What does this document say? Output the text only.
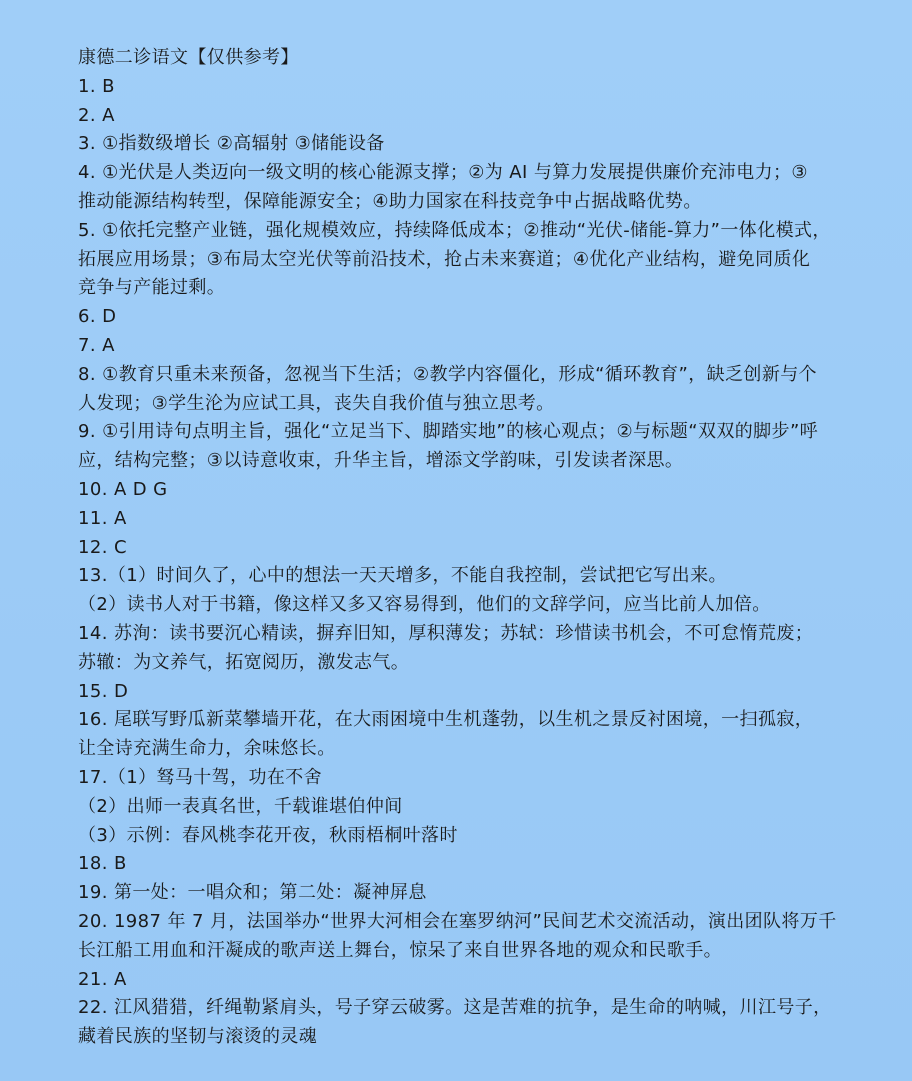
康德二诊语文【仅供参考】
1. B
2. A
3. ①指数级增长 ②高辐射 ③储能设备
4. ①光伏是人类迈向一级文明的核心能源支撑；②为 AI 与算力发展提供廉价充沛电力；③
推动能源结构转型，保障能源安全；④助力国家在科技竞争中占据战略优势。
5. ①依托完整产业链，强化规模效应，持续降低成本；②推动“光伏-储能-算力”一体化模式，
拓展应用场景；③布局太空光伏等前沿技术，抢占未来赛道；④优化产业结构，避免同质化
竞争与产能过剩。
6. D
7. A
8. ①教育只重未来预备，忽视当下生活；②教学内容僵化，形成“循环教育”，缺乏创新与个
人发现；③学生沦为应试工具，丧失自我价值与独立思考。
9. ①引用诗句点明主旨，强化“立足当下、脚踏实地”的核心观点；②与标题“双双的脚步”呼
应，结构完整；③以诗意收束，升华主旨，增添文学韵味，引发读者深思。
10. A D G
11. A
12. C
13.（1）时间久了，心中的想法一天天增多，不能自我控制，尝试把它写出来。
（2）读书人对于书籍，像这样又多又容易得到，他们的文辞学问，应当比前人加倍。
14. 苏洵：读书要沉心精读，摒弃旧知，厚积薄发；苏轼：珍惜读书机会，不可怠惰荒废；
苏辙：为文养气，拓宽阅历，激发志气。
15. D
16. 尾联写野瓜新菜攀墙开花，在大雨困境中生机蓬勃，以生机之景反衬困境，一扫孤寂，
让全诗充满生命力，余味悠长。
17.（1）驽马十驾，功在不舍
（2）出师一表真名世，千载谁堪伯仲间
（3）示例：春风桃李花开夜，秋雨梧桐叶落时
18. B
19. 第一处：一唱众和；第二处：凝神屏息
20. 1987 年 7 月，法国举办“世界大河相会在塞罗纳河”民间艺术交流活动，演出团队将万千
长江船工用血和汗凝成的歌声送上舞台，惊呆了来自世界各地的观众和民歌手。
21. A
22. 江风猎猎，纤绳勒紧肩头，号子穿云破雾。这是苦难的抗争，是生命的呐喊，川江号子，
藏着民族的坚韧与滚烫的灵魂
